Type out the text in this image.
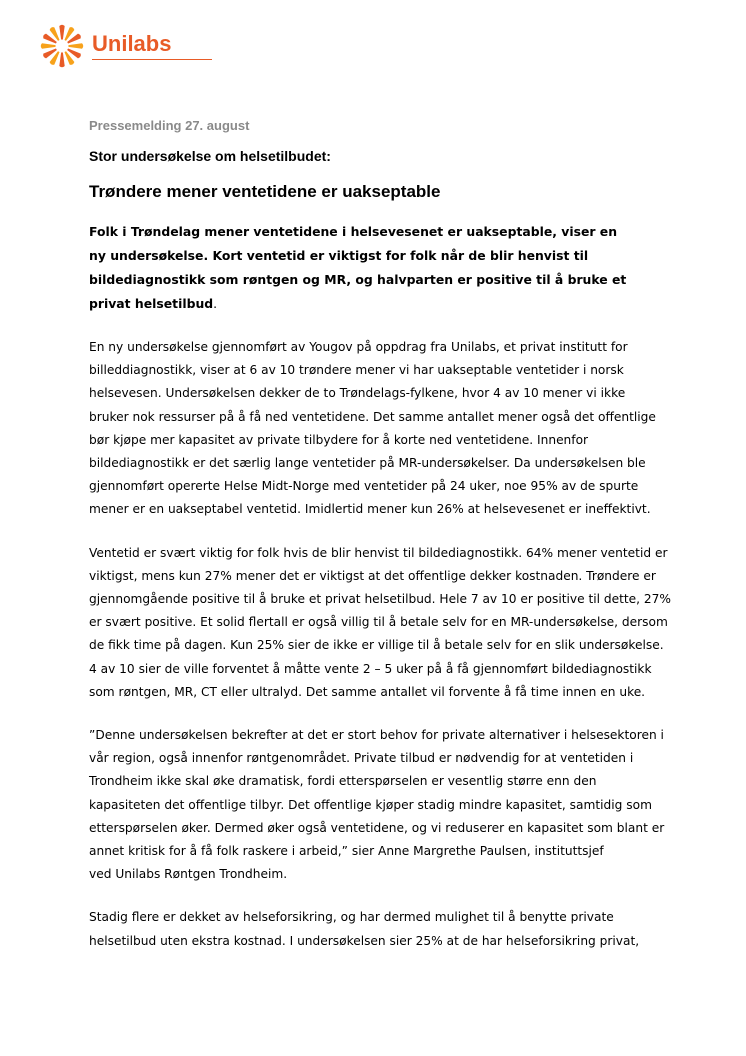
Unilabs

Pressemelding 27. august

Stor undersøkelse om helsetilbudet:

Trøndere mener ventetidene er uakseptable

Folk i Trøndelag mener ventetidene i helsevesenet er uakseptable, viser en
ny undersøkelse. Kort ventetid er viktigst for folk når de blir henvist til
bildediagnostikk som røntgen og MR, og halvparten er positive til å bruke et
privat helsetilbud.

En ny undersøkelse gjennomført av Yougov på oppdrag fra Unilabs, et privat institutt for
billeddiagnostikk, viser at 6 av 10 trøndere mener vi har uakseptable ventetider i norsk
helsevesen. Undersøkelsen dekker de to Trøndelags-fylkene, hvor 4 av 10 mener vi ikke
bruker nok ressurser på å få ned ventetidene. Det samme antallet mener også det offentlige
bør kjøpe mer kapasitet av private tilbydere for å korte ned ventetidene. Innenfor
bildediagnostikk er det særlig lange ventetider på MR-undersøkelser. Da undersøkelsen ble
gjennomført opererte Helse Midt-Norge med ventetider på 24 uker, noe 95% av de spurte
mener er en uakseptabel ventetid. Imidlertid mener kun 26% at helsevesenet er ineffektivt.

Ventetid er svært viktig for folk hvis de blir henvist til bildediagnostikk. 64% mener ventetid er
viktigst, mens kun 27% mener det er viktigst at det offentlige dekker kostnaden. Trøndere er
gjennomgående positive til å bruke et privat helsetilbud. Hele 7 av 10 er positive til dette, 27%
er svært positive. Et solid flertall er også villig til å betale selv for en MR-undersøkelse, dersom
de fikk time på dagen. Kun 25% sier de ikke er villige til å betale selv for en slik undersøkelse.
4 av 10 sier de ville forventet å måtte vente 2 – 5 uker på å få gjennomført bildediagnostikk
som røntgen, MR, CT eller ultralyd. Det samme antallet vil forvente å få time innen en uke.

”Denne undersøkelsen bekrefter at det er stort behov for private alternativer i helsesektoren i
vår region, også innenfor røntgenområdet. Private tilbud er nødvendig for at ventetiden i
Trondheim ikke skal øke dramatisk, fordi etterspørselen er vesentlig større enn den
kapasiteten det offentlige tilbyr. Det offentlige kjøper stadig mindre kapasitet, samtidig som
etterspørselen øker. Dermed øker også ventetidene, og vi reduserer en kapasitet som blant er
annet kritisk for å få folk raskere i arbeid,” sier Anne Margrethe Paulsen, instituttsjef
ved Unilabs Røntgen Trondheim.

Stadig flere er dekket av helseforsikring, og har dermed mulighet til å benytte private
helsetilbud uten ekstra kostnad. I undersøkelsen sier 25% at de har helseforsikring privat,
